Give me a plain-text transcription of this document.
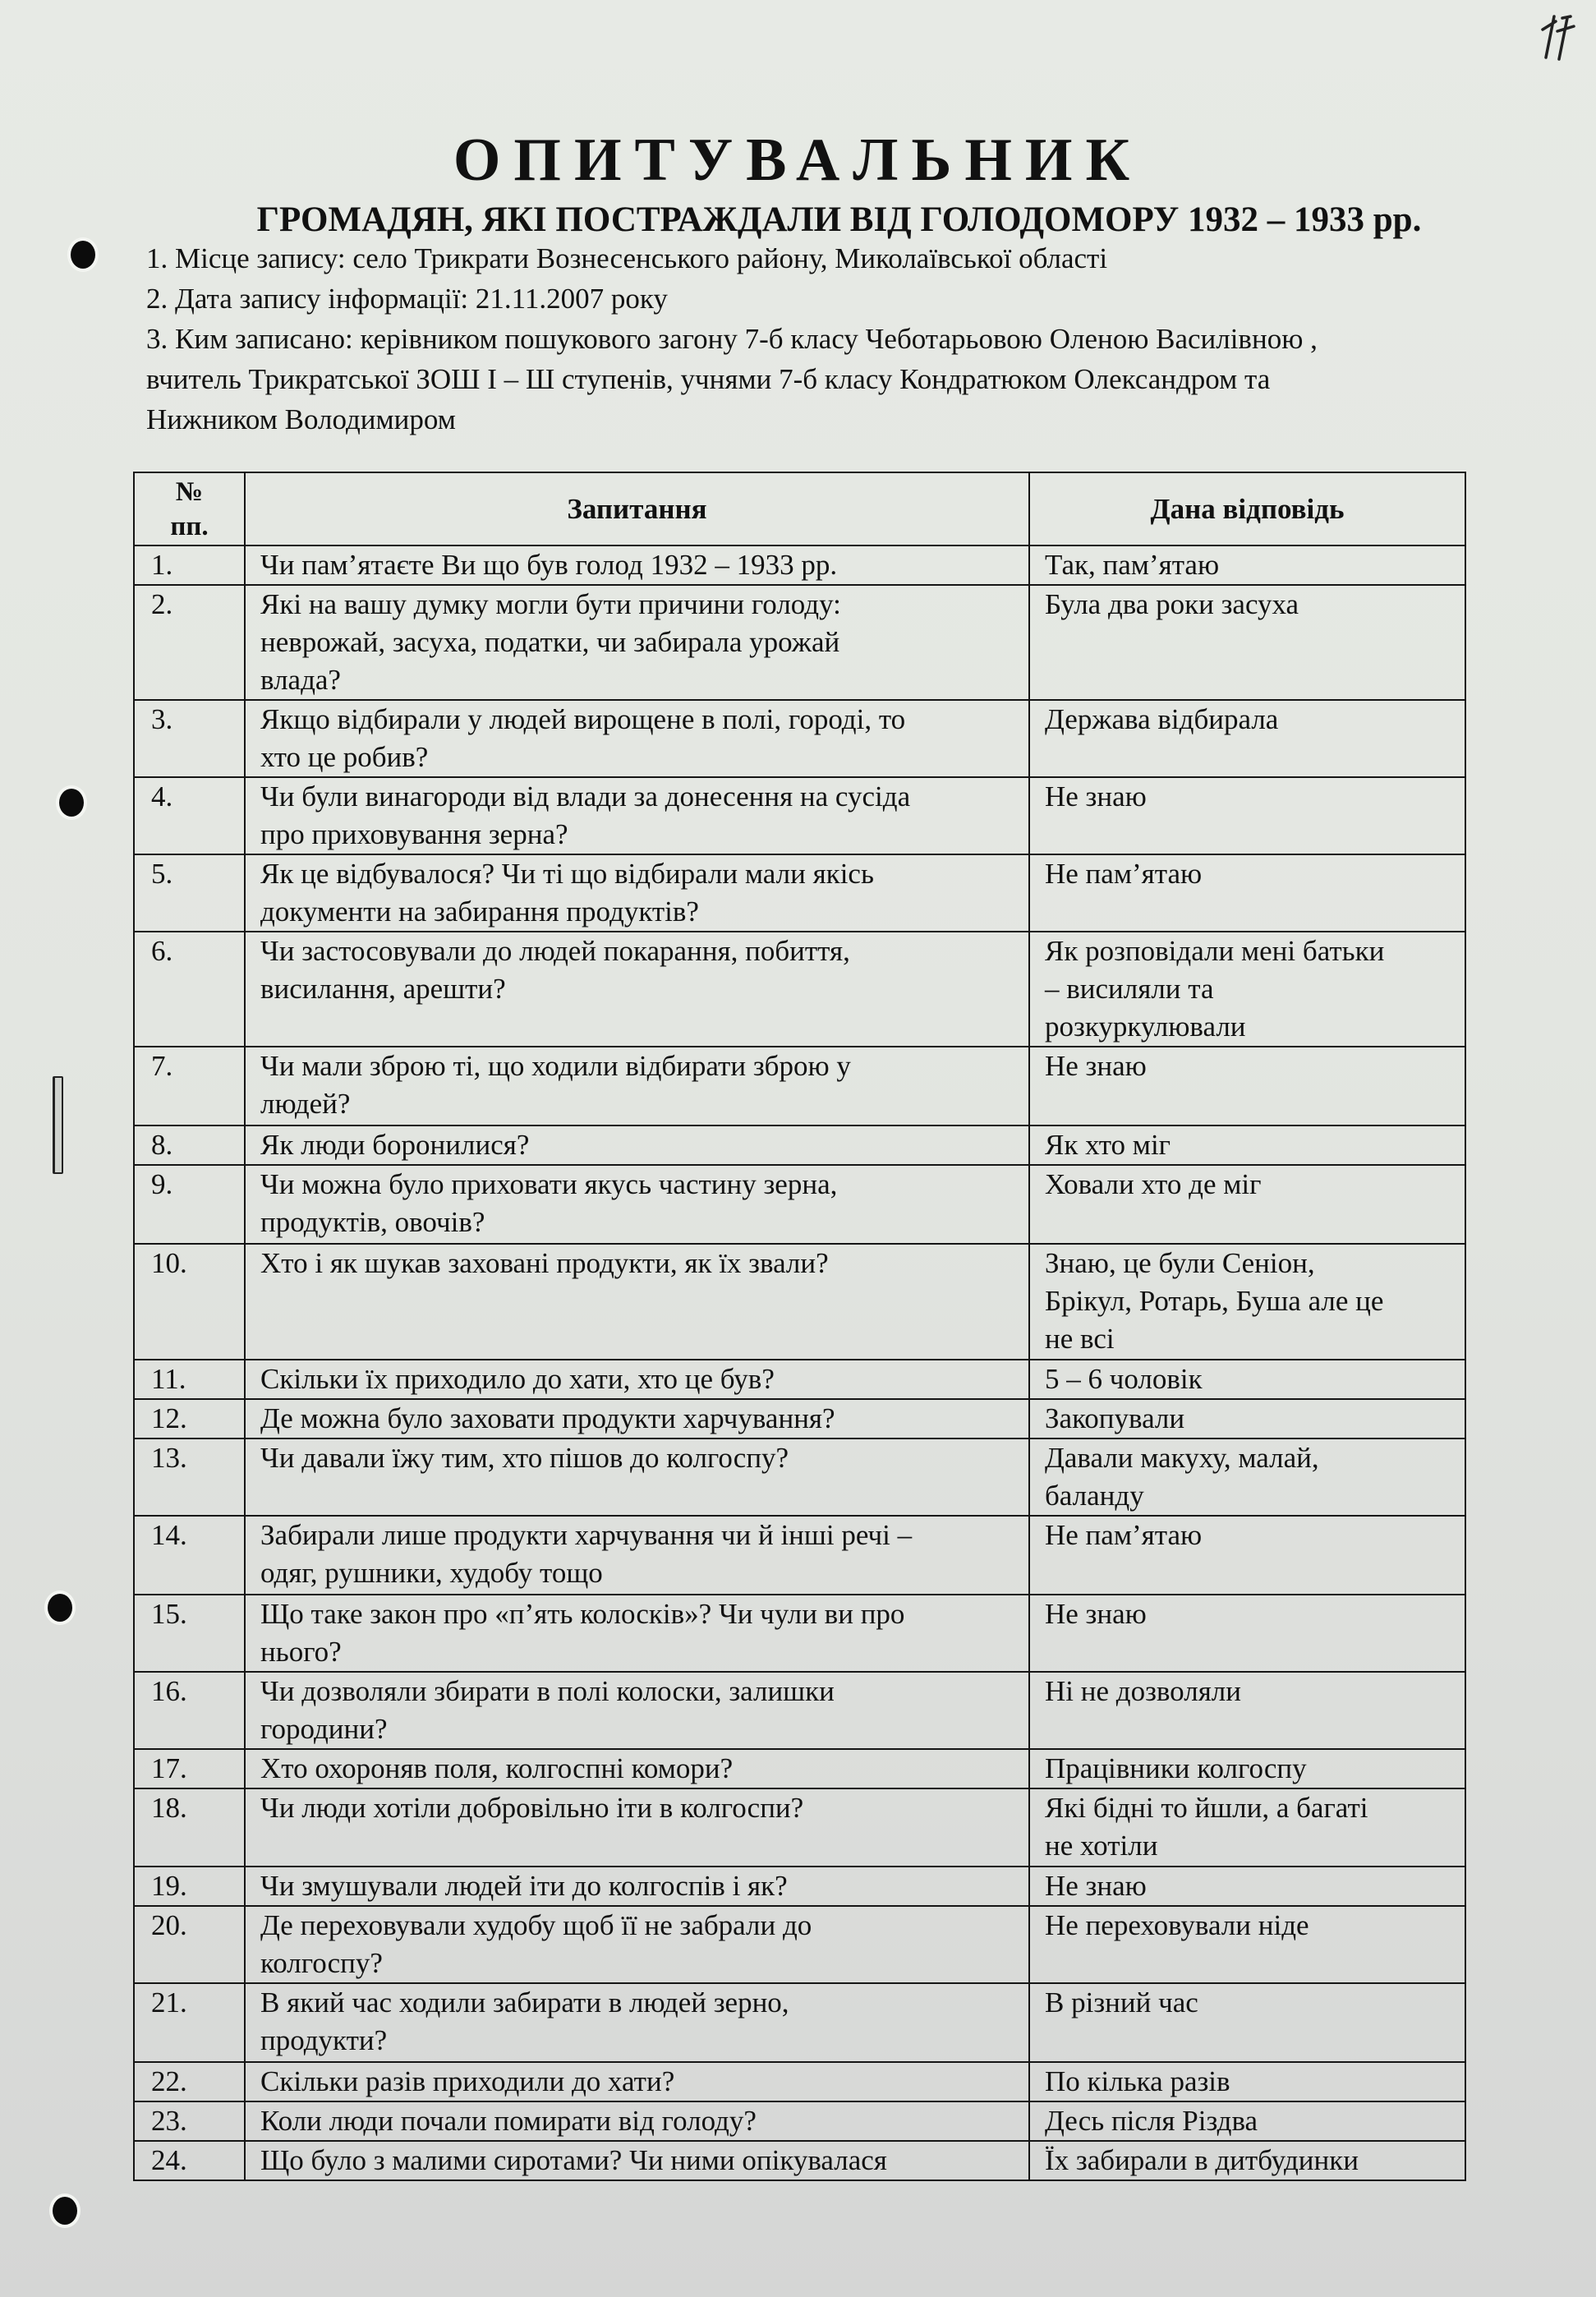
ОПИТУВАЛЬНИК
ГРОМАДЯН, ЯКІ ПОСТРАЖДАЛИ ВІД ГОЛОДОМОРУ 1932 – 1933 рр.
1. Місце запису: село Трикрати Вознесенського району, Миколаївської області
2. Дата запису інформації: 21.11.2007 року
3. Ким записано: керівником пошукового загону 7-б класу Чеботарьовою Оленою Василівною ,
вчитель Трикратської ЗОШ І – Ш ступенів, учнями 7-б класу Кондратюком Олександром та
Нижником Володимиром
№
пп.	Запитання	Дана відповідь
1.	Чи пам’ятаєте Ви що був голод 1932 – 1933 рр.	Так, пам’ятаю

2.	Які на вашу думку могли бути причини голоду:
неврожай, засуха, податки, чи забирала урожай
влада?	Була два роки засуха

3.	Якщо відбирали у людей вирощене в полі, городі, то
хто це робив?	Держава відбирала

4.	Чи були винагороди від влади за донесення на сусіда
про приховування зерна?	Не знаю

5.	Як це відбувалося? Чи ті що відбирали мали якісь
документи на забирання продуктів?	Не пам’ятаю

6.	Чи застосовували до людей покарання, побиття,
висилання, арешти?	Як розповідали мені батьки
– висиляли та
розкуркулювали

7.	Чи мали зброю ті, що ходили відбирати зброю у
людей?	Не знаю

8.	Як люди боронилися?	Як хто міг

9.	Чи можна було приховати якусь частину зерна,
продуктів, овочів?	Ховали хто де міг

10.	Хто і як шукав заховані продукти, як їх звали?	Знаю, це були Сеніон,
Брікул, Ротарь, Буша але це
не всі

11.	Скільки їх приходило до хати, хто це був?	5 – 6 чоловік

12.	Де можна було заховати продукти харчування?	Закопували

13.	Чи давали їжу тим, хто пішов до колгоспу?	Давали макуху, малай,
баланду

14.	Забирали лише продукти харчування чи й інші речі –
одяг, рушники, худобу тощо	Не пам’ятаю

15.	Що таке закон про «п’ять колосків»? Чи чули ви про
нього?	Не знаю

16.	Чи дозволяли збирати в полі колоски, залишки
городини?	Ні не дозволяли

17.	Хто охороняв поля, колгоспні комори?	Працівники колгоспу

18.	Чи люди хотіли добровільно іти в колгоспи?	Які бідні то йшли, а багаті
не хотіли

19.	Чи змушували людей іти до колгоспів і як?	Не знаю

20.	Де переховували худобу щоб її не забрали до
колгоспу?	Не переховували ніде

21.	В який час ходили забирати в людей зерно,
продукти?	В різний час

22.	Скільки разів приходили до хати?	По кілька разів

23.	Коли люди почали помирати від голоду?	Десь після Різдва

24.	Що було з малими сиротами? Чи ними опікувалася	Їх забирали в дитбудинки
